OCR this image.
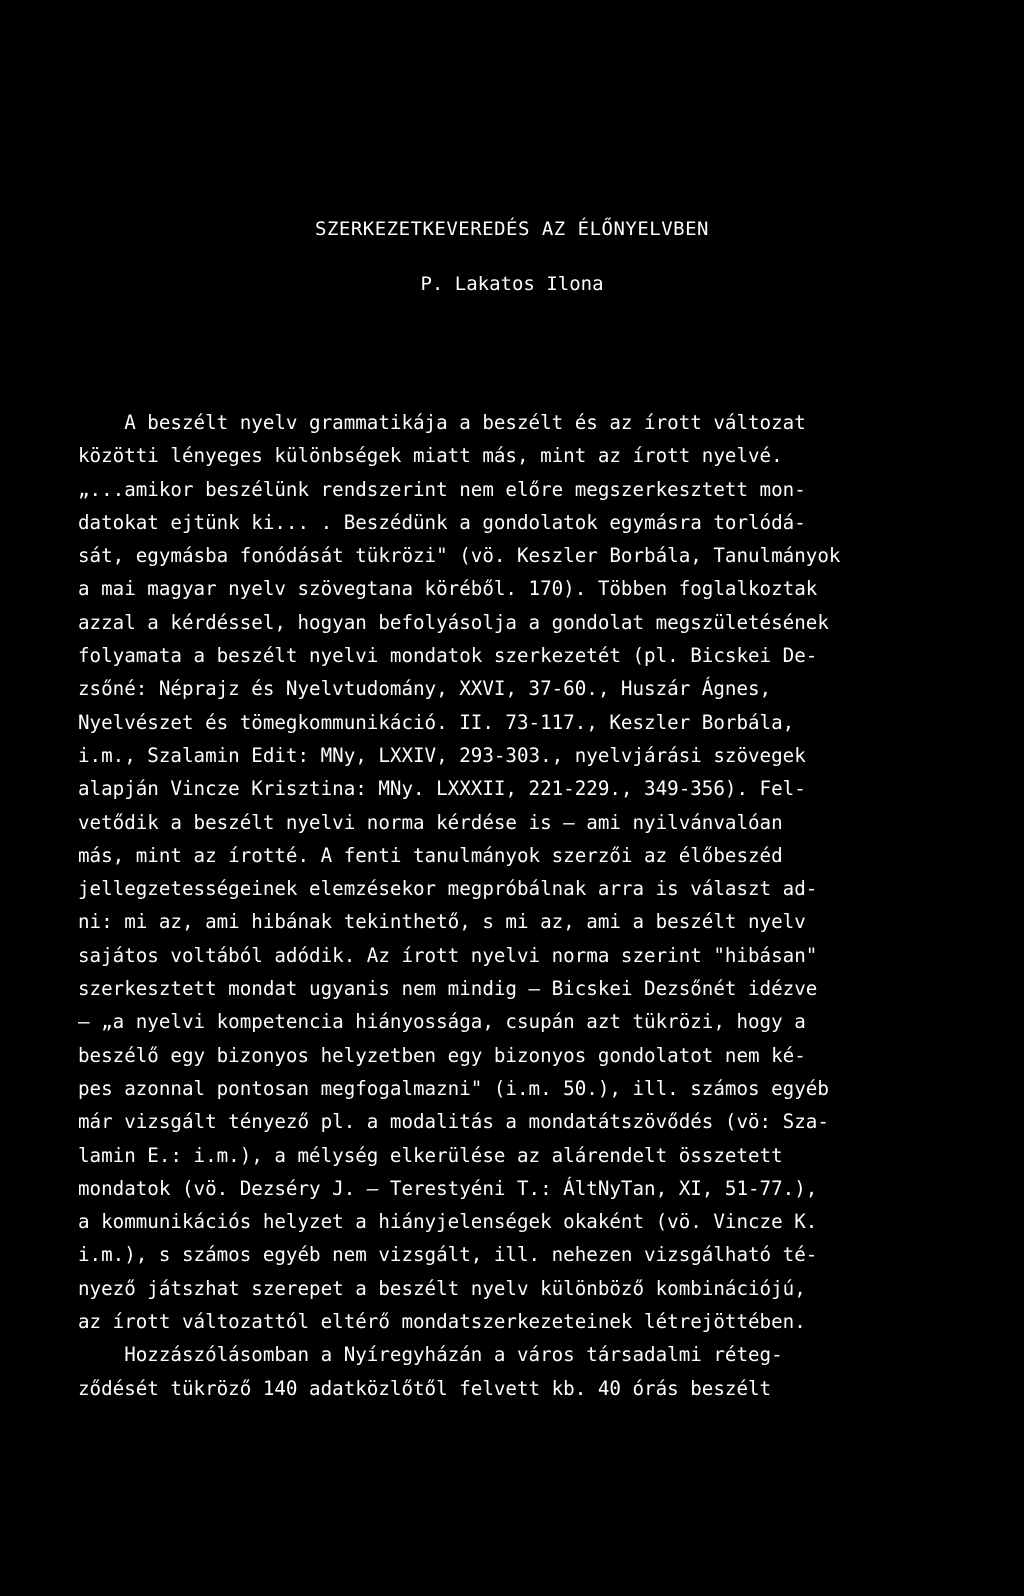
SZERKEZETKEVEREDÉS AZ ÉLŐNYELVBEN
P. Lakatos Ilona
A beszélt nyelv grammatikája a beszélt és az írott változat
közötti lényeges különbségek miatt más, mint az írott nyelvé.
„...amikor beszélünk rendszerint nem előre megszerkesztett mon-
datokat ejtünk ki... . Beszédünk a gondolatok egymásra torlódá-
sát, egymásba fonódását tükrözi" (vö. Keszler Borbála, Tanulmányok
a mai magyar nyelv szövegtana köréből. 170). Többen foglalkoztak
azzal a kérdéssel, hogyan befolyásolja a gondolat megszületésének
folyamata a beszélt nyelvi mondatok szerkezetét (pl. Bicskei De-
zsőné: Néprajz és Nyelvtudomány, XXVI, 37-60., Huszár Ágnes,
Nyelvészet és tömegkommunikáció. II. 73-117., Keszler Borbála,
i.m., Szalamin Edit: MNy, LXXIV, 293-303., nyelvjárási szövegek
alapján Vincze Krisztina: MNy. LXXXII, 221-229., 349-356). Fel-
vetődik a beszélt nyelvi norma kérdése is — ami nyilvánvalóan
más, mint az írotté. A fenti tanulmányok szerzői az élőbeszéd
jellegzetességeinek elemzésekor megpróbálnak arra is választ ad-
ni: mi az, ami hibának tekinthető, s mi az, ami a beszélt nyelv
sajátos voltából adódik. Az írott nyelvi norma szerint "hibásan"
szerkesztett mondat ugyanis nem mindig — Bicskei Dezsőnét idézve
— „a nyelvi kompetencia hiányossága, csupán azt tükrözi, hogy a
beszélő egy bizonyos helyzetben egy bizonyos gondolatot nem ké-
pes azonnal pontosan megfogalmazni" (i.m. 50.), ill. számos egyéb
már vizsgált tényező pl. a modalitás a mondatátszövődés (vö: Sza-
lamin E.: i.m.), a mélység elkerülése az alárendelt összetett
mondatok (vö. Dezséry J. — Terestyéni T.: ÁltNyTan, XI, 51-77.),
a kommunikációs helyzet a hiányjelenségek okaként (vö. Vincze K.
i.m.), s számos egyéb nem vizsgált, ill. nehezen vizsgálható té-
nyező játszhat szerepet a beszélt nyelv különböző kombinációjú,
az írott változattól eltérő mondatszerkezeteinek létrejöttében.
Hozzászólásomban a Nyíregyházán a város társadalmi réteg-
ződését tükröző 140 adatközlőtől felvett kb. 40 órás beszélt
